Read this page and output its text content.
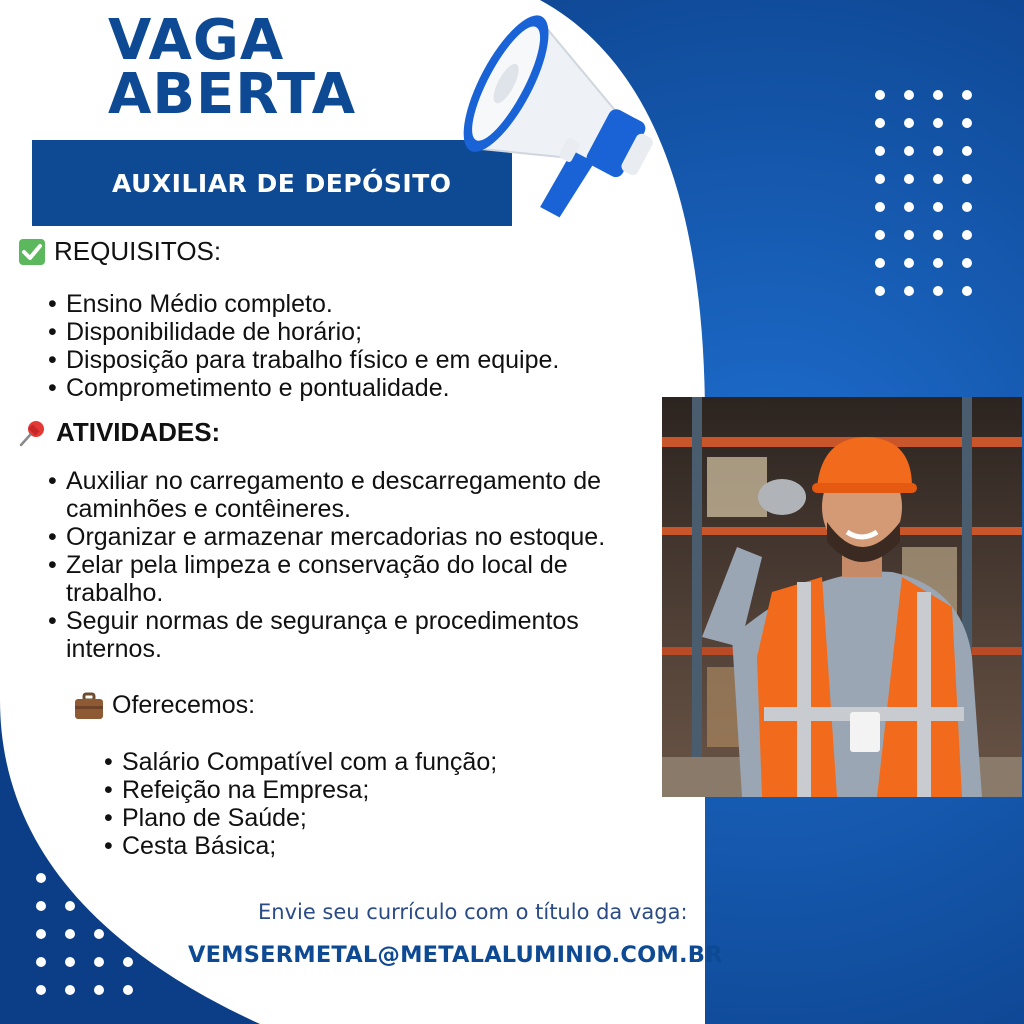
VAGA
ABERTA
AUXILIAR DE DEPÓSITO
REQUISITOS:
• Ensino Médio completo.
• Disponibilidade de horário;
• Disposição para trabalho físico e em equipe.
• Comprometimento e pontualidade.
ATIVIDADES:
• Auxiliar no carregamento e descarregamento de caminhões e contêineres.
• Organizar e armazenar mercadorias no estoque.
• Zelar pela limpeza e conservação do local de trabalho.
• Seguir normas de segurança e procedimentos internos.
Oferecemos:
• Salário Compatível com a função;
• Refeição na Empresa;
• Plano de Saúde;
• Cesta Básica;
Envie seu currículo com o título da vaga:
VEMSERMETAL@METALALUMINIO.COM.BR
